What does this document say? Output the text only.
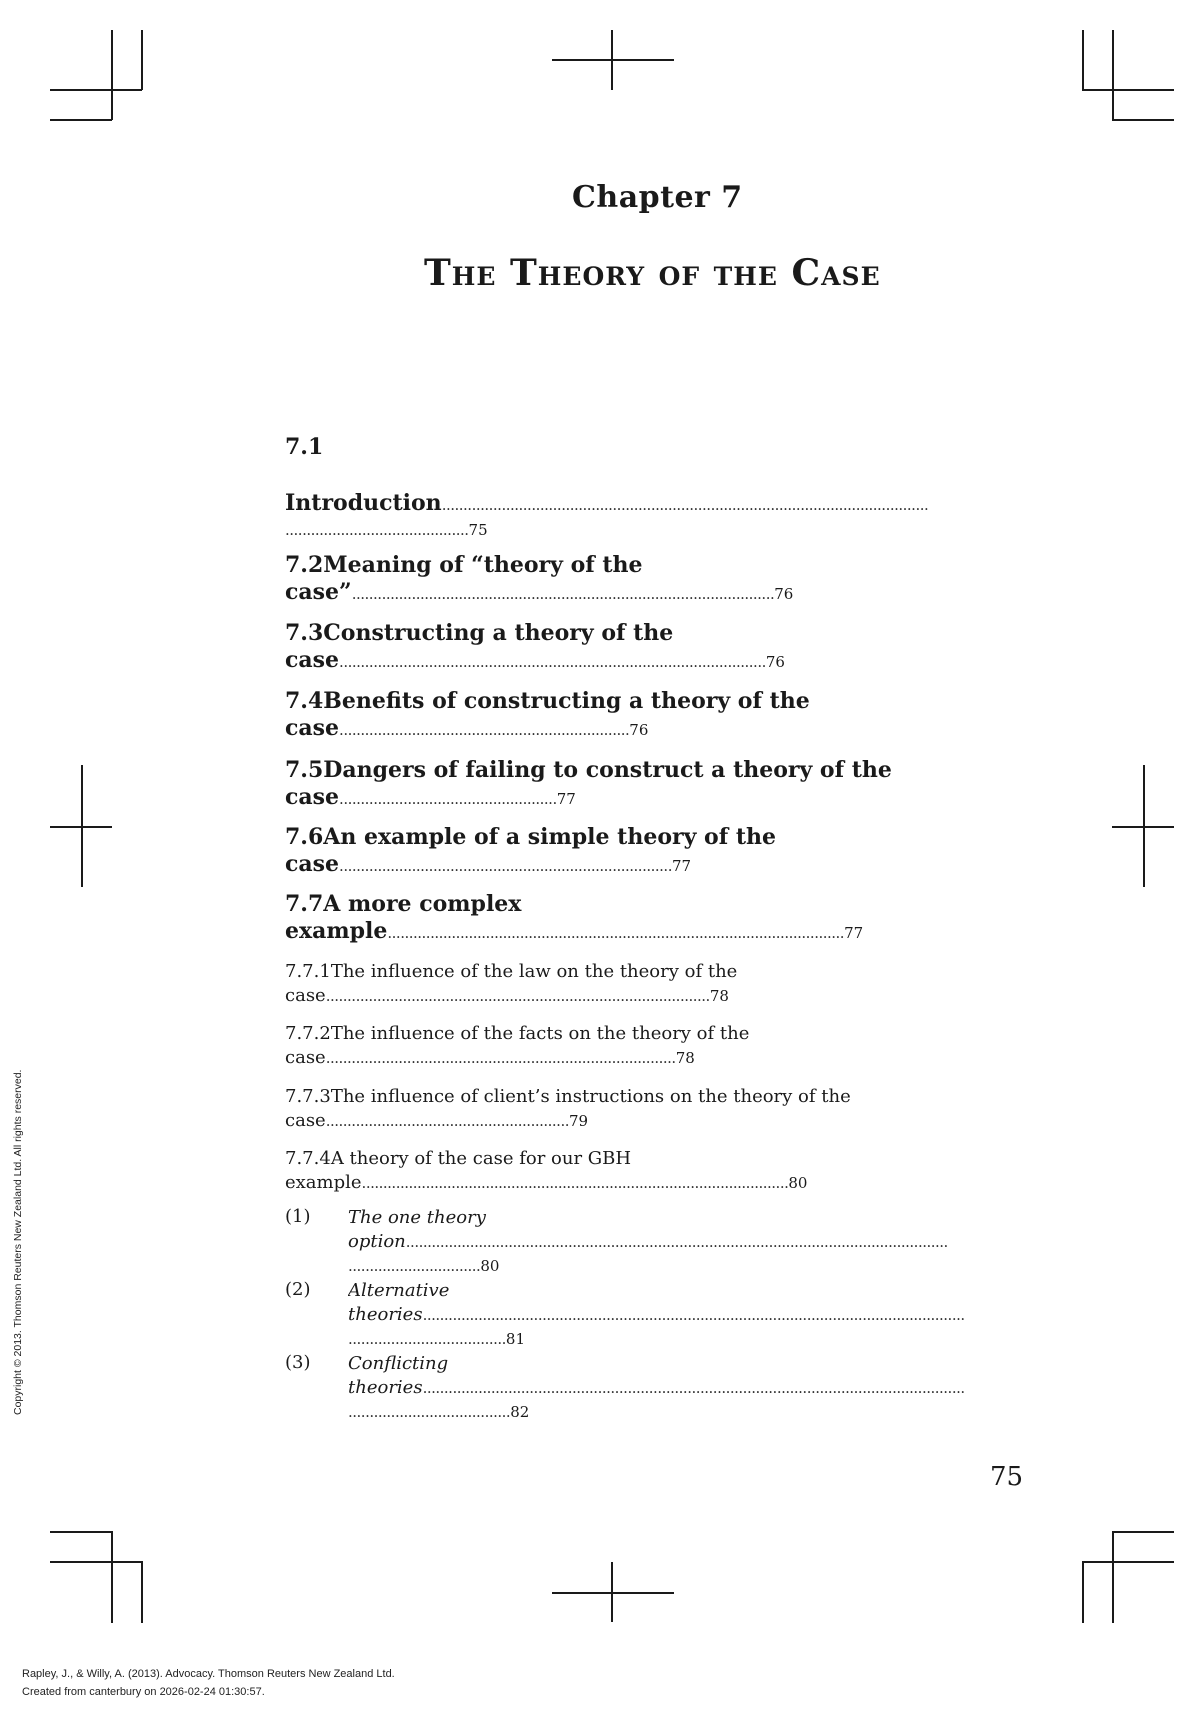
Chapter 7
The Theory of the Case
7.1
Introduction..................................................................................................................
...........................................75
7.2Meaning of “theory of the
case”...................................................................................................76
7.3Constructing a theory of the
case....................................................................................................76
7.4Benefits of constructing a theory of the
case....................................................................76
7.5Dangers of failing to construct a theory of the
case...................................................77
7.6An example of a simple theory of the
case..............................................................................77
7.7A more complex
example...........................................................................................................77
7.7.1The influence of the law on the theory of the
case..........................................................................................78
7.7.2The influence of the facts on the theory of the
case..................................................................................78
7.7.3The influence of client’s instructions on the theory of the
case.........................................................79
7.7.4A theory of the case for our GBH
example....................................................................................................80
(1) The one theory
option...............................................................................................................................
...............................80
(2) Alternative
theories...............................................................................................................................
.....................................81
(3) Conflicting
theories...............................................................................................................................
......................................82
75
Copyright © 2013. Thomson Reuters New Zealand Ltd. All rights reserved.
Rapley, J., & Willy, A. (2013). Advocacy. Thomson Reuters New Zealand Ltd.
Created from canterbury on 2026-02-24 01:30:57.
